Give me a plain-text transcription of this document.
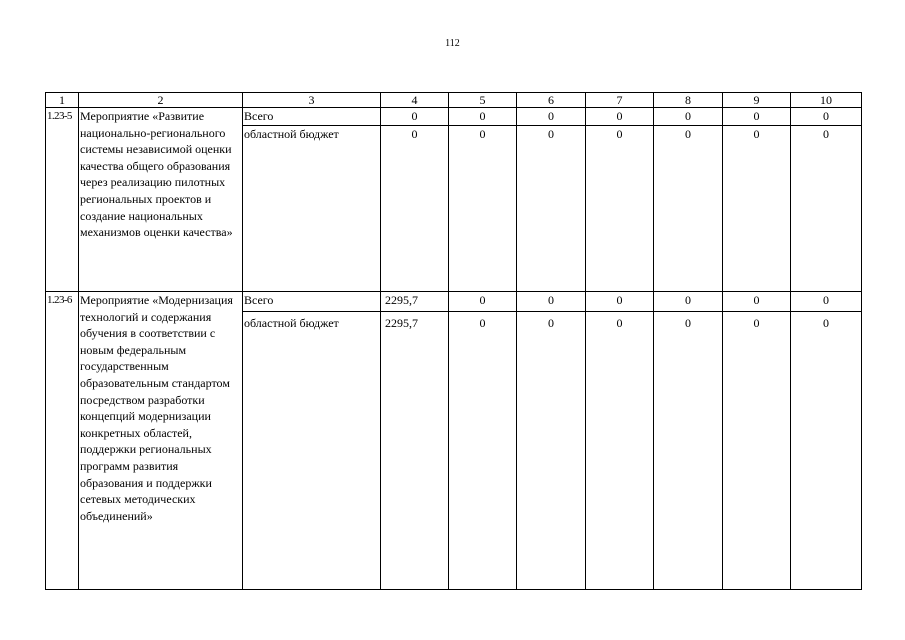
112
1	2	3	4	5	6	7	8	9	10
1.23-5	Мероприятие «Развитие национально-регионального системы независимой оценки качества общего образования через реализацию пилотных региональных проектов и создание национальных механизмов оценки качества»	Всего	0	0	0	0	0	0	0
		областной бюджет	0	0	0	0	0	0	0
1.23-6	Мероприятие «Модернизация технологий и содержания обучения в соответствии с новым федеральным государственным образовательным стандартом посредством разработки концепций модернизации конкретных областей, поддержки региональных программ развития образования и поддержки сетевых методических объединений»	Всего	2295,7	0	0	0	0	0	0
		областной бюджет	2295,7	0	0	0	0	0	0
